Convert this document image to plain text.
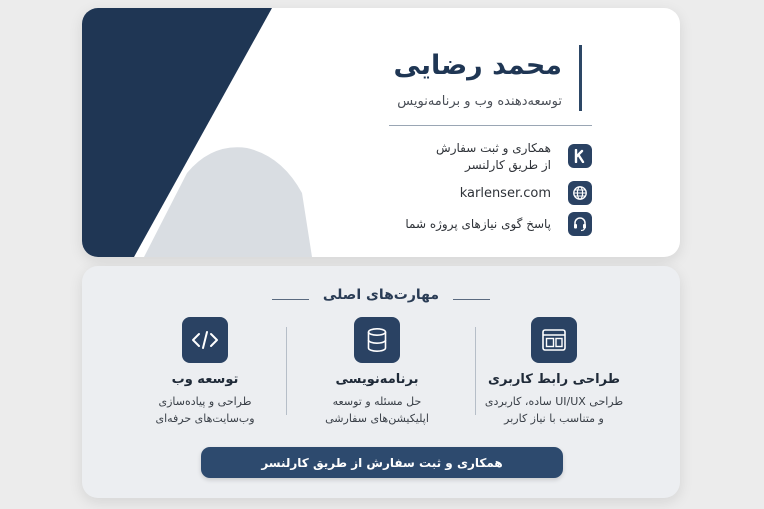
محمد رضایی
توسعه‌دهنده وب و برنامه‌نویس
همکاری و ثبت سفارش
از طریق کارلنسر
karlenser.com
پاسخ گوی نیازهای پروژه شما
مهارت‌های اصلی
طراحی رابط کاربری
طراحی UI/UX ساده، کاربردی
و متناسب با نیاز کاربر
برنامه‌نویسی
حل مسئله و توسعه
اپلیکیشن‌های سفارشی
توسعه وب
طراحی و پیاده‌سازی
وب‌سایت‌های حرفه‌ای
همکاری و ثبت سفارش از طریق کارلنسر
